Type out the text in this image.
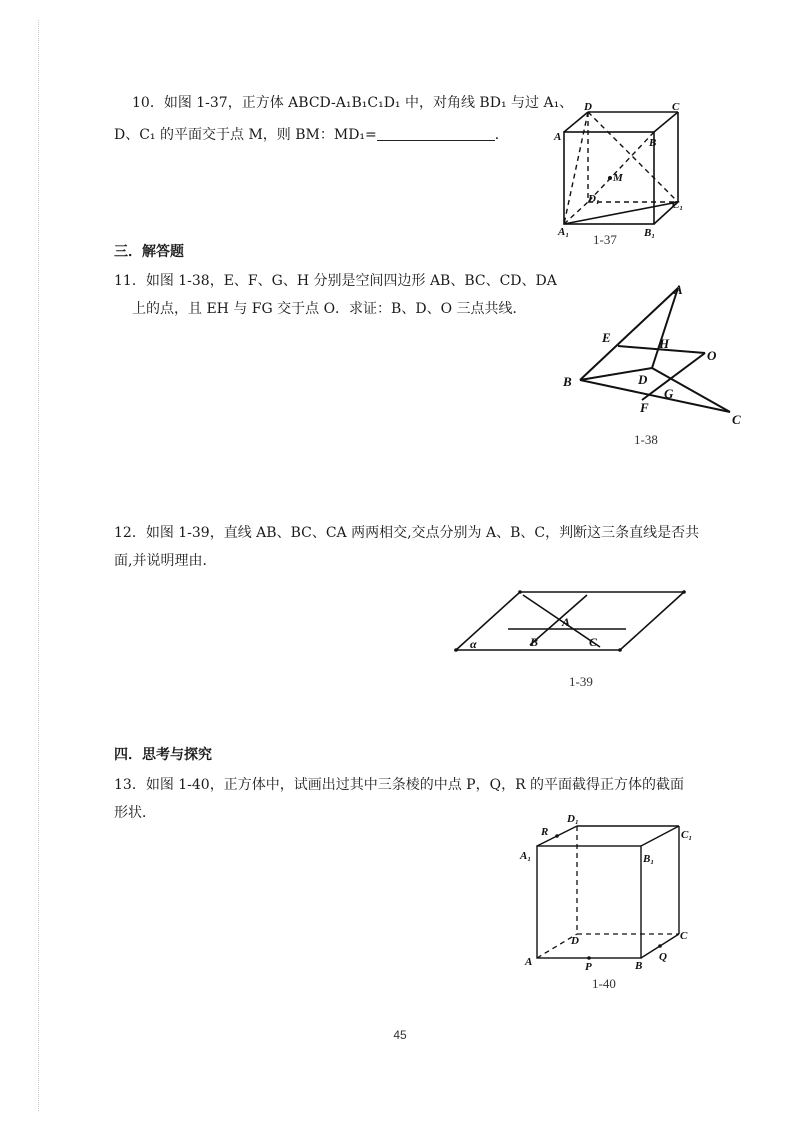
10．如图 1-37，正方体 ABCD-A₁B₁C₁D₁ 中，对角线 BD₁ 与过 A₁、
D、C₁ 的平面交于点 M，则 BM：MD₁=	．
D	C
A	B
M
D₁	C₁
A₁	B₁
1-37
三．解答题
11．如图 1-38，E、F、G、H 分别是空间四边形 AB、BC、CD、DA
上的点，且 EH 与 FG 交于点 O．求证：B、D、O 三点共线．
A
E	H
O
B	D
G
F
C
1-38
12．如图 1-39，直线 AB、BC、CA 两两相交,交点分别为 A、B、C，判断这三条直线是否共
面,并说明理由．
α
A
B	C
1-39
四．思考与探究
13．如图 1-40，正方体中，试画出过其中三条棱的中点 P，Q，R 的平面截得正方体的截面
形状．	D₁
C₁
R
A₁	B₁
D	C
A	P	B
Q
1-40
45
